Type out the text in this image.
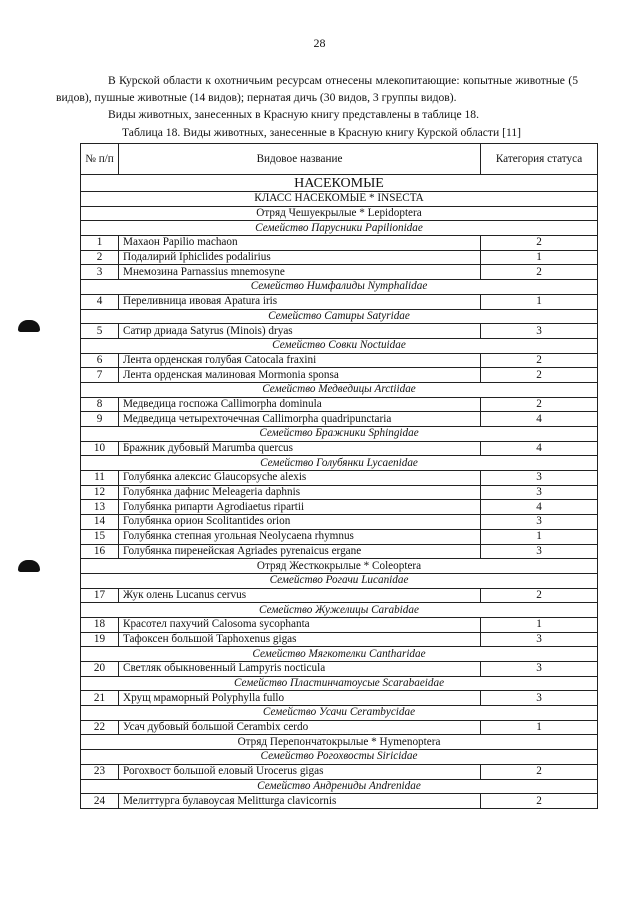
28

В Курской области к охотничьим ресурсам отнесены млекопитающие: копытные животные (5 видов), пушные животные (14 видов); пернатая дичь (30 видов, 3 группы видов).

Виды животных, занесенных в Красную книгу представлены в таблице 18.

Таблица 18. Виды животных, занесенные в Красную книгу Курской области [11]
№ п/п	Видовое название	Категория статуса
НАСЕКОМЫЕ		
КЛАСС НАСЕКОМЫЕ * INSECTA		
Отряд Чешуекрылые * Lepidoptera		
Семейство Парусники Papilionidae		
1	Махаон Papilio machaon	2
2	Подалирий Iphiclides podalirius	1
3	Мнемозина Parnassius mnemosyne	2
Семейство Нимфалиды Nymphalidae		
4	Переливница ивовая Apatura iris	1
Семейство Сатиры Satyridae		
5	Сатир дриада Satyrus (Minois) dryas	3
Семейство Совки Noctuidae		
6	Лента орденская голубая Catocala fraxini	2
7	Лента орденская малиновая Mormonia sponsa	2
Семейство Медведицы Arctiidae		
8	Медведица госпожа Callimorpha dominula	2
9	Медведица четырехточечная Callimorpha quadripunctaria	4
Семейство Бражники Sphingidae		
10	Бражник дубовый Marumba quercus	4
Семейство Голубянки Lycaenidae		
11	Голубянка алексис Glaucopsyche alexis	3
12	Голубянка дафнис Meleageria daphnis	3
13	Голубянка рипарти Agrodiaetus ripartii	4
14	Голубянка орион Scolitantides orion	3
15	Голубянка степная угольная Neolycaena rhymnus	1
16	Голубянка пиренейская Agriades pyrenaicus ergane	3
Отряд Жесткокрылые * Coleoptera		
Семейство Рогачи Lucanidae		
17	Жук олень Lucanus cervus	2
Семейство Жужелицы Carabidae		
18	Красотел пахучий Calosoma sycophanta	1
19	Тафоксен большой Taphoxenus gigas	3
Семейство Мягкотелки Cantharidae		
20	Светляк обыкновенный Lampyris nocticula	3
Семейство Пластинчатоусые Scarabaeidae		
21	Хрущ мраморный Polyphylla fullo	3
Семейство Усачи Cerambycidae		
22	Усач дубовый большой Cerambix cerdo	1
Отряд Перепончатокрылые * Hymenoptera		
Семейство Рогохвосты Siricidae		
23	Рогохвост большой еловый Urocerus gigas	2
Семейство Андрениды Andrenidae		
24	Мелиттурга булавоусая Melitturga clavicornis	2
